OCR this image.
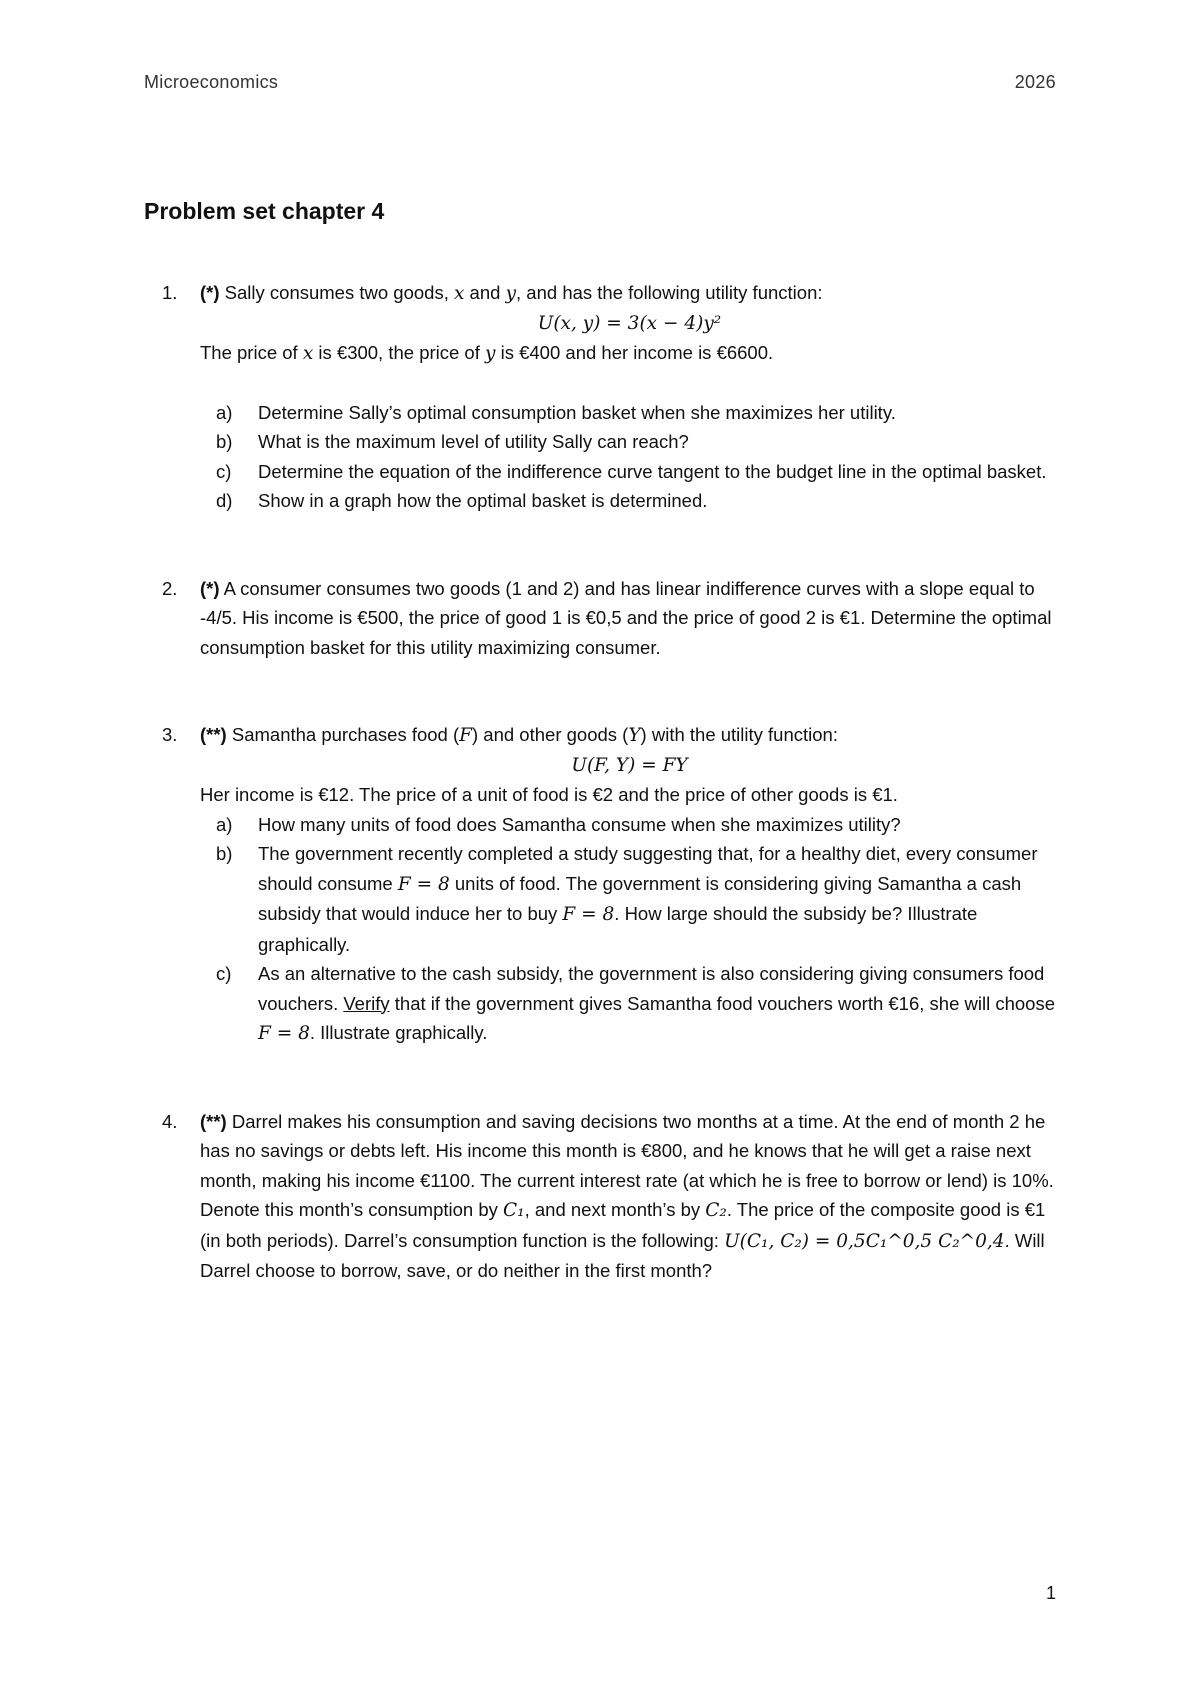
Microeconomics	2026
Problem set chapter 4
1. (*) Sally consumes two goods, x and y, and has the following utility function:
U(x, y) = 3(x − 4)y²
The price of x is €300, the price of y is €400 and her income is €6600.
a) Determine Sally’s optimal consumption basket when she maximizes her utility.
b) What is the maximum level of utility Sally can reach?
c) Determine the equation of the indifference curve tangent to the budget line in the optimal basket.
d) Show in a graph how the optimal basket is determined.
2. (*) A consumer consumes two goods (1 and 2) and has linear indifference curves with a slope equal to -4/5. His income is €500, the price of good 1 is €0,5 and the price of good 2 is €1. Determine the optimal consumption basket for this utility maximizing consumer.
3. (**) Samantha purchases food (F) and other goods (Y) with the utility function:
U(F, Y) = FY
Her income is €12. The price of a unit of food is €2 and the price of other goods is €1.
a) How many units of food does Samantha consume when she maximizes utility?
b) The government recently completed a study suggesting that, for a healthy diet, every consumer should consume F = 8 units of food. The government is considering giving Samantha a cash subsidy that would induce her to buy F = 8. How large should the subsidy be? Illustrate graphically.
c) As an alternative to the cash subsidy, the government is also considering giving consumers food vouchers. Verify that if the government gives Samantha food vouchers worth €16, she will choose F = 8. Illustrate graphically.
4. (**) Darrel makes his consumption and saving decisions two months at a time. At the end of month 2 he has no savings or debts left. His income this month is €800, and he knows that he will get a raise next month, making his income €1100. The current interest rate (at which he is free to borrow or lend) is 10%. Denote this month’s consumption by C₁, and next month’s by C₂. The price of the composite good is €1 (in both periods). Darrel’s consumption function is the following: U(C₁, C₂) = 0,5C₁^0,5 C₂^0,4. Will Darrel choose to borrow, save, or do neither in the first month?
1
